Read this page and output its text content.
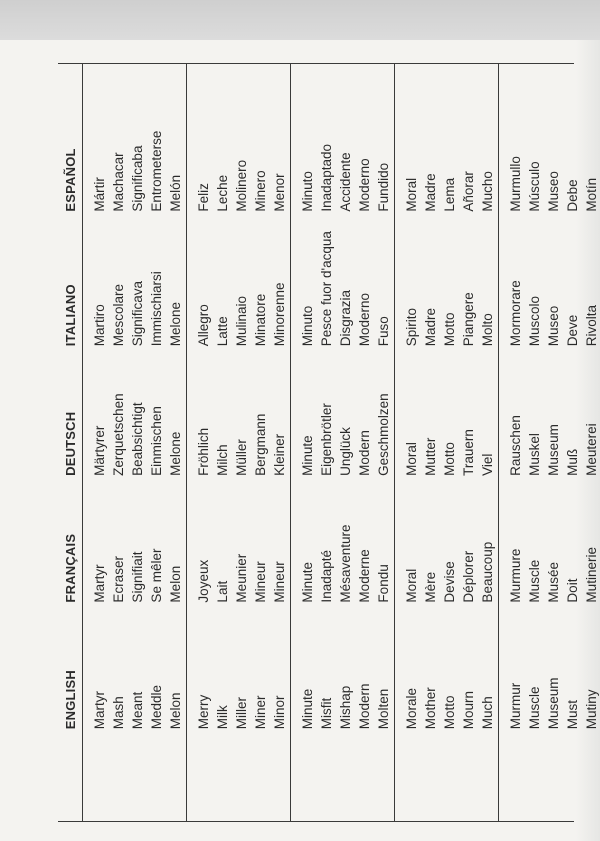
ENGLISH
FRANÇAIS
DEUTSCH
ITALIANO
ESPAÑOL
Martyr
Martyr
Märtyrer
Martiro
Mártir
Mash
Ecraser
Zerquetschen
Mescolare
Machacar
Meant
Signifiait
Beabsichtigt
Significava
Significaba
Meddle
Se mêler
Einmischen
Immischiarsi
Entrometerse
Melon
Melon
Melone
Melone
Melón
Merry
Joyeux
Fröhlich
Allegro
Feliz
Milk
Lait
Milch
Latte
Leche
Miller
Meunier
Müller
Mulinaio
Molinero
Miner
Mineur
Bergmann
Minatore
Minero
Minor
Mineur
Kleiner
Minorenne
Menor
Minute
Minute
Minute
Minuto
Minuto
Misfit
Inadapté
Eigenbrötler
Pesce fuor d'acqua
Inadaptado
Mishap
Mésaventure
Unglück
Disgrazia
Accidente
Modern
Moderne
Modern
Moderno
Moderno
Molten
Fondu
Geschmolzen
Fuso
Fundido
Morale
Moral
Moral
Spirito
Moral
Mother
Mère
Mutter
Madre
Madre
Motto
Devise
Motto
Motto
Lema
Mourn
Déplorer
Trauern
Piangere
Añorar
Much
Beaucoup
Viel
Molto
Mucho
Murmur
Murmure
Rauschen
Mormorare
Murmullo
Muscle
Muscle
Muskel
Muscolo
Músculo
Museum
Musée
Museum
Museo
Museo
Must
Doit
Muß
Deve
Debe
Mutiny
Mutinerie
Meuterei
Rivolta
Motín
